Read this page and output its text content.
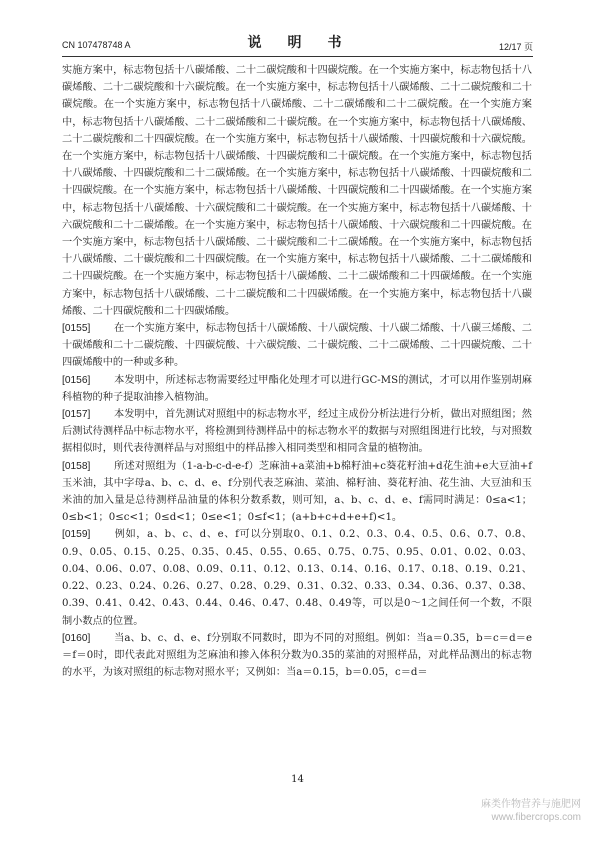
CN 107478748 A	说　明　书	12/17 页

实施方案中，标志物包括十八碳烯酸、二十二碳烷酸和十四碳烷酸。在一个实施方案中，标志物包括十八碳烯酸、二十二碳烷酸和十六碳烷酸。在一个实施方案中，标志物包括十八碳烯酸、二十二碳烷酸和二十碳烷酸。在一个实施方案中，标志物包括十八碳烯酸、二十二碳烯酸和二十二碳烷酸。在一个实施方案中，标志物包括十八碳烯酸、二十二碳烯酸和二十碳烷酸。在一个实施方案中，标志物包括十八碳烯酸、二十二碳烷酸和二十四碳烷酸。在一个实施方案中，标志物包括十八碳烯酸、十四碳烷酸和十六碳烷酸。在一个实施方案中，标志物包括十八碳烯酸、十四碳烷酸和二十碳烷酸。在一个实施方案中，标志物包括十八碳烯酸、十四碳烷酸和二十二碳烯酸。在一个实施方案中，标志物包括十八碳烯酸、十四碳烷酸和二十四碳烷酸。在一个实施方案中，标志物包括十八碳烯酸、十四碳烷酸和二十四碳烯酸。在一个实施方案中，标志物包括十八碳烯酸、十六碳烷酸和二十碳烷酸。在一个实施方案中，标志物包括十八碳烯酸、十六碳烷酸和二十二碳烯酸。在一个实施方案中，标志物包括十八碳烯酸、十六碳烷酸和二十四碳烷酸。在一个实施方案中，标志物包括十八碳烯酸、二十碳烷酸和二十二碳烯酸。在一个实施方案中，标志物包括十八碳烯酸、二十碳烷酸和二十四碳烷酸。在一个实施方案中，标志物包括十八碳烯酸、二十二碳烯酸和二十四碳烷酸。在一个实施方案中，标志物包括十八碳烯酸、二十二碳烯酸和二十四碳烯酸。在一个实施方案中，标志物包括十八碳烯酸、二十二碳烷酸和二十四碳烯酸。在一个实施方案中，标志物包括十八碳烯酸、二十四碳烷酸和二十四碳烯酸。

[0155] 在一个实施方案中，标志物包括十八碳烯酸、十八碳烷酸、十八碳二烯酸、十八碳三烯酸、二十碳烯酸和二十二碳烷酸、十四碳烷酸、十六碳烷酸、二十碳烷酸、二十二碳烯酸、二十四碳烷酸、二十四碳烯酸中的一种或多种。

[0156] 本发明中，所述标志物需要经过甲酯化处理才可以进行GC-MS的测试，才可以用作鉴别胡麻科植物的种子提取油掺入植物油。

[0157] 本发明中，首先测试对照组中的标志物水平，经过主成份分析法进行分析，做出对照组图；然后测试待测样品中标志物水平，将检测到待测样品中的标志物水平的数据与对照组图进行比较，与对照数据相似时，则代表待测样品与对照组中的样品掺入相同类型和相同含量的植物油。

[0158] 所述对照组为（1-a-b-c-d-e-f）芝麻油+a菜油+b棉籽油+c葵花籽油+d花生油+e大豆油+f玉米油，其中字母a、b、c、d、e、f分别代表芝麻油、菜油、棉籽油、葵花籽油、花生油、大豆油和玉米油的加入量是总待测样品油量的体积分数系数，则可知，a、b、c、d、e、f需同时满足：0≤a<1；0≤b<1；0≤c<1；0≤d<1；0≤e<1；0≤f<1；(a+b+c+d+e+f)<1。

[0159] 例如，a、b、c、d、e、f可以分别取0、0.1、0.2、0.3、0.4、0.5、0.6、0.7、0.8、0.9、0.05、0.15、0.25、0.35、0.45、0.55、0.65、0.75、0.75、0.95、0.01、0.02、0.03、0.04、0.06、0.07、0.08、0.09、0.11、0.12、0.13、0.14、0.16、0.17、0.18、0.19、0.21、0.22、0.23、0.24、0.26、0.27、0.28、0.29、0.31、0.32、0.33、0.34、0.36、0.37、0.38、0.39、0.41、0.42、0.43、0.44、0.46、0.47、0.48、0.49等，可以是0～1之间任何一个数，不限制小数点的位置。

[0160] 当a、b、c、d、e、f分别取不同数时，即为不同的对照组。例如：当a＝0.35，b＝c＝d＝e＝f＝0时，即代表此对照组为芝麻油和掺入体积分数为0.35的菜油的对照样品，对此样品测出的标志物的水平，为该对照组的标志物对照水平；又例如：当a＝0.15，b＝0.05，c＝d＝

14
麻类作物营养与施肥网
www.fibercrops.com
